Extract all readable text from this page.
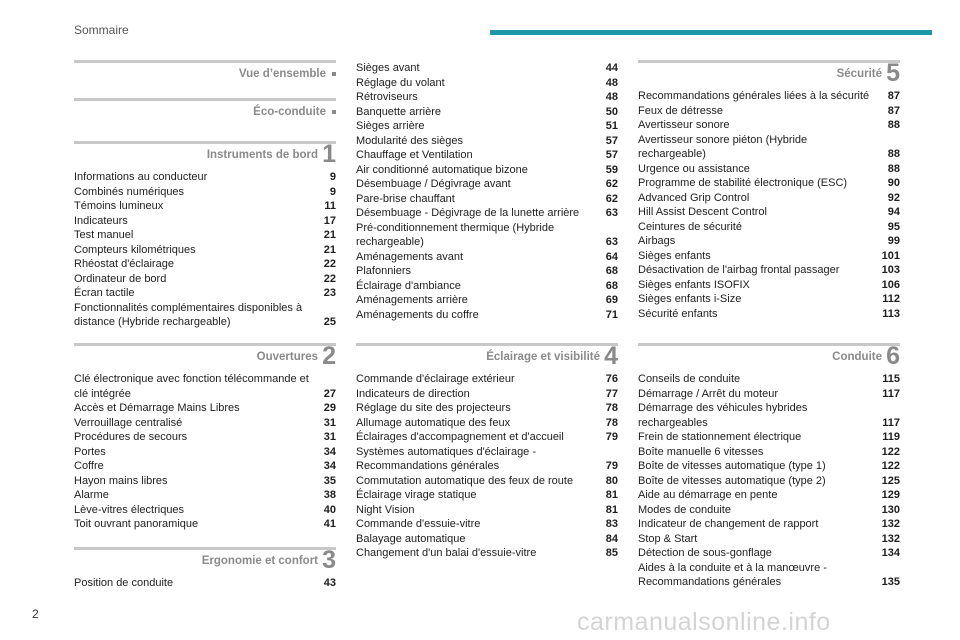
Sommaire
Vue d’ensemble
Éco-conduite
Instruments de bord 1
Informations au conducteur	9
Combinés numériques	9
Témoins lumineux	11
Indicateurs	17
Test manuel	21
Compteurs kilométriques	21
Rhéostat d'éclairage	22
Ordinateur de bord	22
Écran tactile	23
Fonctionnalités complémentaires disponibles à distance (Hybride rechargeable)	25
Ouvertures 2
Clé électronique avec fonction télécommande et clé intégrée	27
Accès et Démarrage Mains Libres	29
Verrouillage centralisé	31
Procédures de secours	31
Portes	34
Coffre	34
Hayon mains libres	35
Alarme	38
Lève-vitres électriques	40
Toit ouvrant panoramique	41
Ergonomie et confort 3
Position de conduite	43
Sièges avant	44
Réglage du volant	48
Rétroviseurs	48
Banquette arrière	50
Sièges arrière	51
Modularité des sièges	57
Chauffage et Ventilation	57
Air conditionné automatique bizone	59
Désembuage / Dégivrage avant	62
Pare-brise chauffant	62
Désembuage - Dégivrage de la lunette arrière 63
Pré-conditionnement thermique (Hybride rechargeable)	63
Aménagements avant	64
Plafonniers	68
Éclairage d'ambiance	68
Aménagements arrière	69
Aménagements du coffre	71
Éclairage et visibilité 4
Commande d'éclairage extérieur	76
Indicateurs de direction	77
Réglage du site des projecteurs	78
Allumage automatique des feux	78
Éclairages d'accompagnement et d'accueil	79
Systèmes automatiques d'éclairage - Recommandations générales	79
Commutation automatique des feux de route	80
Éclairage virage statique	81
Night Vision	81
Commande d'essuie-vitre	83
Balayage automatique	84
Changement d'un balai d'essuie-vitre	85
Sécurité 5
Recommandations générales liées à la sécurité 87
Feux de détresse	87
Avertisseur sonore	88
Avertisseur sonore piéton (Hybride rechargeable)	88
Urgence ou assistance	88
Programme de stabilité électronique (ESC)	90
Advanced Grip Control	92
Hill Assist Descent Control	94
Ceintures de sécurité	95
Airbags	99
Sièges enfants	101
Désactivation de l'airbag frontal passager	103
Sièges enfants ISOFIX	106
Sièges enfants i-Size	112
Sécurité enfants	113
Conduite 6
Conseils de conduite	115
Démarrage / Arrêt du moteur	117
Démarrage des véhicules hybrides rechargeables	117
Frein de stationnement électrique	119
Boîte manuelle 6 vitesses	122
Boîte de vitesses automatique (type 1)	122
Boîte de vitesses automatique (type 2)	125
Aide au démarrage en pente	129
Modes de conduite	130
Indicateur de changement de rapport	132
Stop & Start	132
Détection de sous-gonflage	134
Aides à la conduite et à la manœuvre - Recommandations générales	135
2	carmanualsonline.info
